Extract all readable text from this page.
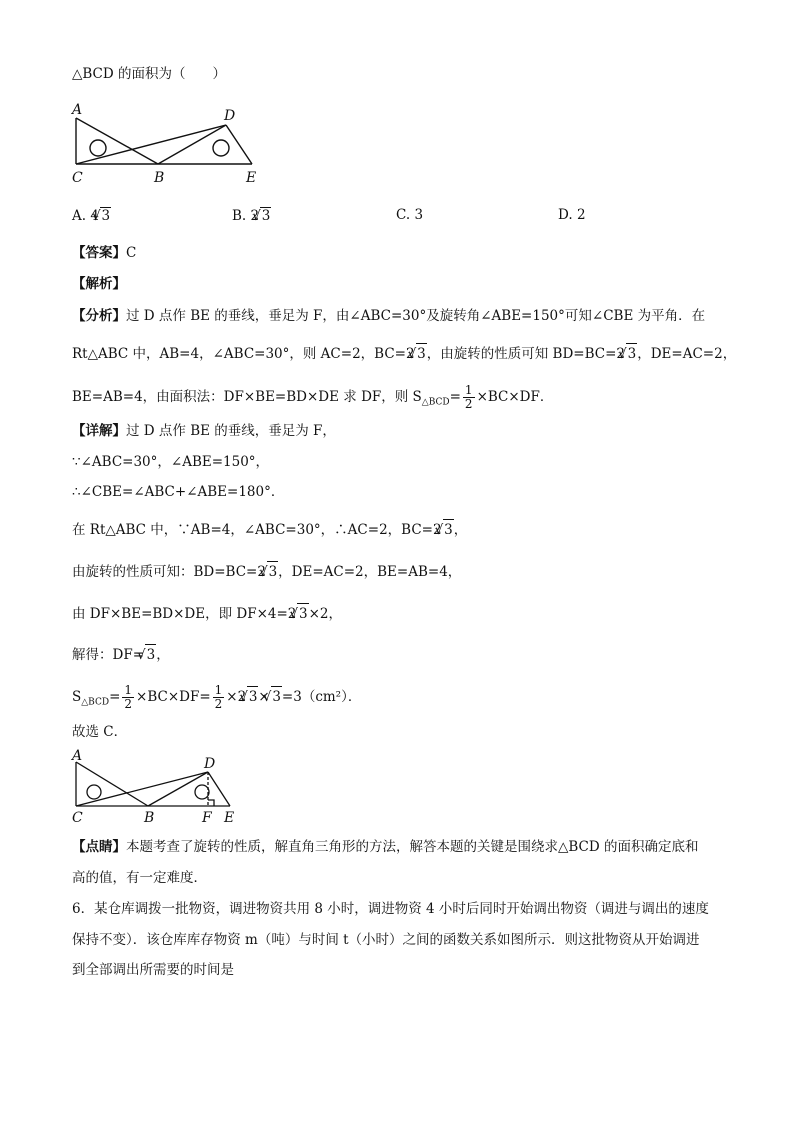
△BCD 的面积为（　　）
A
C	B
D
E
A. 4√ 3	B. 2√ 3	C. 3	D. 2
【答案】C
【解析】
【分析】过 D 点作 BE 的垂线，垂足为 F，由∠ABC=30°及旋转角∠ABE=150°可知∠CBE 为平角．在
Rt△ABC 中，AB=4，∠ABC=30°，则 AC=2，BC=2√ 3，由旋转的性质可知 BD=BC=2√ 3，DE=AC=2，
BE=AB=4，由面积法：DF×BE=BD×DE 求 DF，则 $S_{\triangle BCD}= \frac{1}{2} \times BC\times DF$．
【详解】过 D 点作 BE 的垂线，垂足为 F，
∵∠ABC=30°，∠ABE=150°，
∴∠CBE=∠ABC+∠ABE=180°．
在 Rt△ABC 中，∵AB=4，∠ABC=30°，∴AC=2，BC=2√ 3，
由旋转的性质可知：BD=BC=2√ 3，DE=AC=2，BE=AB=4，
由 DF×BE=BD×DE，即 DF×4=2√ 3×2，
解得：DF=√ 3，
$S_{\triangle BCD}= \frac{1}{2} \times BC\times DF= \frac{1}{2} \times 2√$ 3×√ 3=3（cm²）．
故选 C．
A
C	B
D
F E
【点睛】本题考查了旋转的性质，解直角三角形的方法，解答本题的关键是围绕求△BCD 的面积确定底和
高的值，有一定难度．
6．某仓库调拨一批物资，调进物资共用 8 小时，调进物资 4 小时后同时开始调出物资（调进与调出的速度
保持不变）．该仓库库存物资 m（吨）与时间 t（小时）之间的函数关系如图所示．则这批物资从开始调进
到全部调出所需要的时间是
